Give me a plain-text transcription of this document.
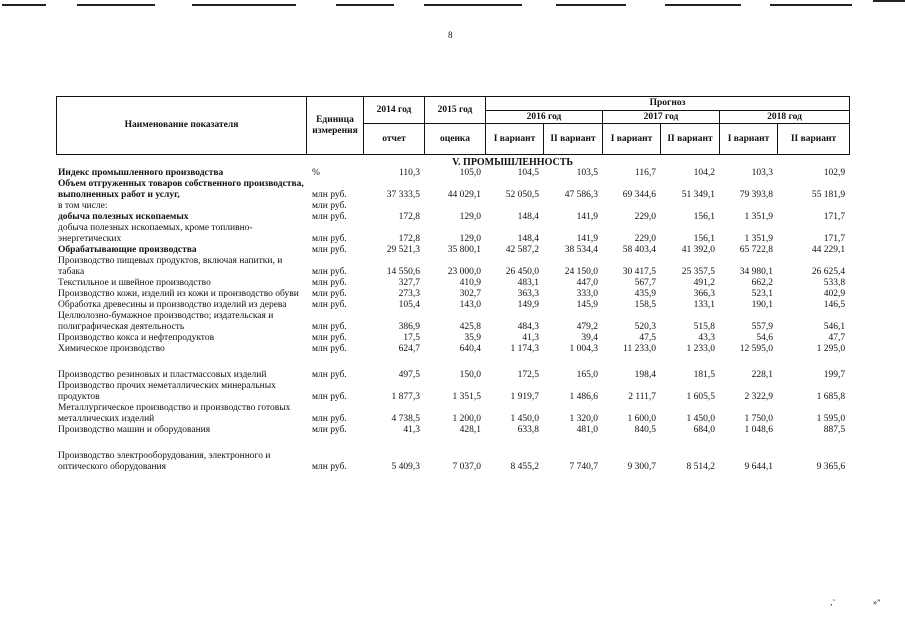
8
Наименование показателя	Единица измерения	2014 год	2015 год	Прогноз					
				2016 год		2017 год		2018 год	
		отчет	оценка	I вариант	II вариант	I вариант	II вариант	I вариант	II вариант
V. ПРОМЫШЛЕННОСТЬ									
Индекс промышленного производства	%	110,3	105,0	104,5	103,5	116,7	104,2	103,3	102,9
Объем отгруженных товаров собственного производства, выполненных работ и услуг,	млн руб.	37 333,5	44 029,1	52 050,5	47 586,3	69 344,6	51 349,1	79 393,8	55 181,9
в том числе:	млн руб.								
добыча полезных ископаемых	млн руб.	172,8	129,0	148,4	141,9	229,0	156,1	1 351,9	171,7
добыча полезных ископаемых, кроме топливно-энергетических	млн руб.	172,8	129,0	148,4	141,9	229,0	156,1	1 351,9	171,7
Обрабатывающие производства	млн руб.	29 521,3	35 800,1	42 587,2	38 534,4	58 403,4	41 392,0	65 722,8	44 229,1
Производство пищевых продуктов, включая напитки, и табака	млн руб.	14 550,6	23 000,0	26 450,0	24 150,0	30 417,5	25 357,5	34 980,1	26 625,4
Текстильное и швейное производство	млн руб.	327,7	410,9	483,1	447,0	567,7	491,2	662,2	533,8
Производство кожи, изделий из кожи и производство обуви	млн руб.	273,3	302,7	363,3	333,0	435,9	366,3	523,1	402,9
Обработка древесины и производство изделий из дерева	млн руб.	105,4	143,0	149,9	145,9	158,5	133,1	190,1	146,5
Целлюлозно-бумажное производство; издательская и полиграфическая деятельность	млн руб.	386,9	425,8	484,3	479,2	520,3	515,8	557,9	546,1
Производство кокса и нефтепродуктов	млн руб.	17,5	35,9	41,3	39,4	47,5	43,3	54,6	47,7
Химическое производство	млн руб.	624,7	640,4	1 174,3	1 004,3	11 233,0	1 233,0	12 595,0	1 295,0

Производство резиновых и пластмассовых изделий	млн руб.	497,5	150,0	172,5	165,0	198,4	181,5	228,1	199,7
Производство прочих неметаллических минеральных продуктов	млн руб.	1 877,3	1 351,5	1 919,7	1 486,6	2 111,7	1 605,5	2 322,9	1 685,8
Металлургическое производство и производство готовых металлических изделий	млн руб.	4 738,5	1 200,0	1 450,0	1 320,0	1 600,0	1 450,0	1 750,0	1 595,0
Производство машин и оборудования	млн руб.	41,3	428,1	633,8	481,0	840,5	684,0	1 048,6	887,5

Производство электрооборудования, электронного и оптического оборудования	млн руб.	5 409,3	7 037,0	8 455,2	7 740,7	9 300,7	8 514,2	9 644,1	9 365,6
‚˜	»”
